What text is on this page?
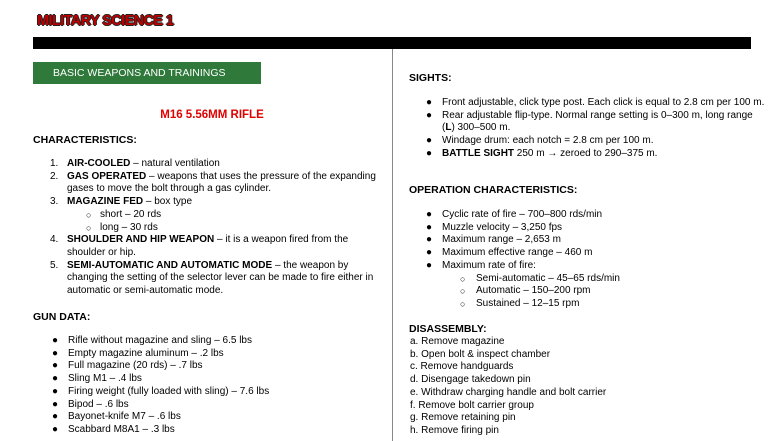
MILITARY SCIENCE 1
BASIC WEAPONS AND TRAININGS
M16 5.56MM RIFLE
CHARACTERISTICS:
1. AIR-COOLED – natural ventilation
2. GAS OPERATED – weapons that uses the pressure of the expanding gases to move the bolt through a gas cylinder.
3. MAGAZINE FED – box type
○ short – 20 rds
○ long – 30 rds
4. SHOULDER AND HIP WEAPON – it is a weapon fired from the shoulder or hip.
5. SEMI-AUTOMATIC AND AUTOMATIC MODE – the weapon by changing the setting of the selector lever can be made to fire either in automatic or semi-automatic mode.
GUN DATA:
● Rifle without magazine and sling – 6.5 lbs
● Empty magazine aluminum – .2 lbs
● Full magazine (20 rds) – .7 lbs
● Sling M1 – .4 lbs
● Firing weight (fully loaded with sling) – 7.6 lbs
● Bipod – .6 lbs
● Bayonet-knife M7 – .6 lbs
● Scabbard M8A1 – .3 lbs
SIGHTS:
● Front adjustable, click type post. Each click is equal to 2.8 cm per 100 m.
● Rear adjustable flip-type. Normal range setting is 0–300 m, long range (L) 300–500 m.
● Windage drum: each notch = 2.8 cm per 100 m.
● BATTLE SIGHT 250 m → zeroed to 290–375 m.
OPERATION CHARACTERISTICS:
● Cyclic rate of fire – 700–800 rds/min
● Muzzle velocity – 3,250 fps
● Maximum range – 2,653 m
● Maximum effective range – 460 m
● Maximum rate of fire:
○ Semi-automatic – 45–65 rds/min
○ Automatic – 150–200 rpm
○ Sustained – 12–15 rpm
DISASSEMBLY:
a. Remove magazine
b. Open bolt & inspect chamber
c. Remove handguards
d. Disengage takedown pin
e. Withdraw charging handle and bolt carrier
f. Remove bolt carrier group
g. Remove retaining pin
h. Remove firing pin
